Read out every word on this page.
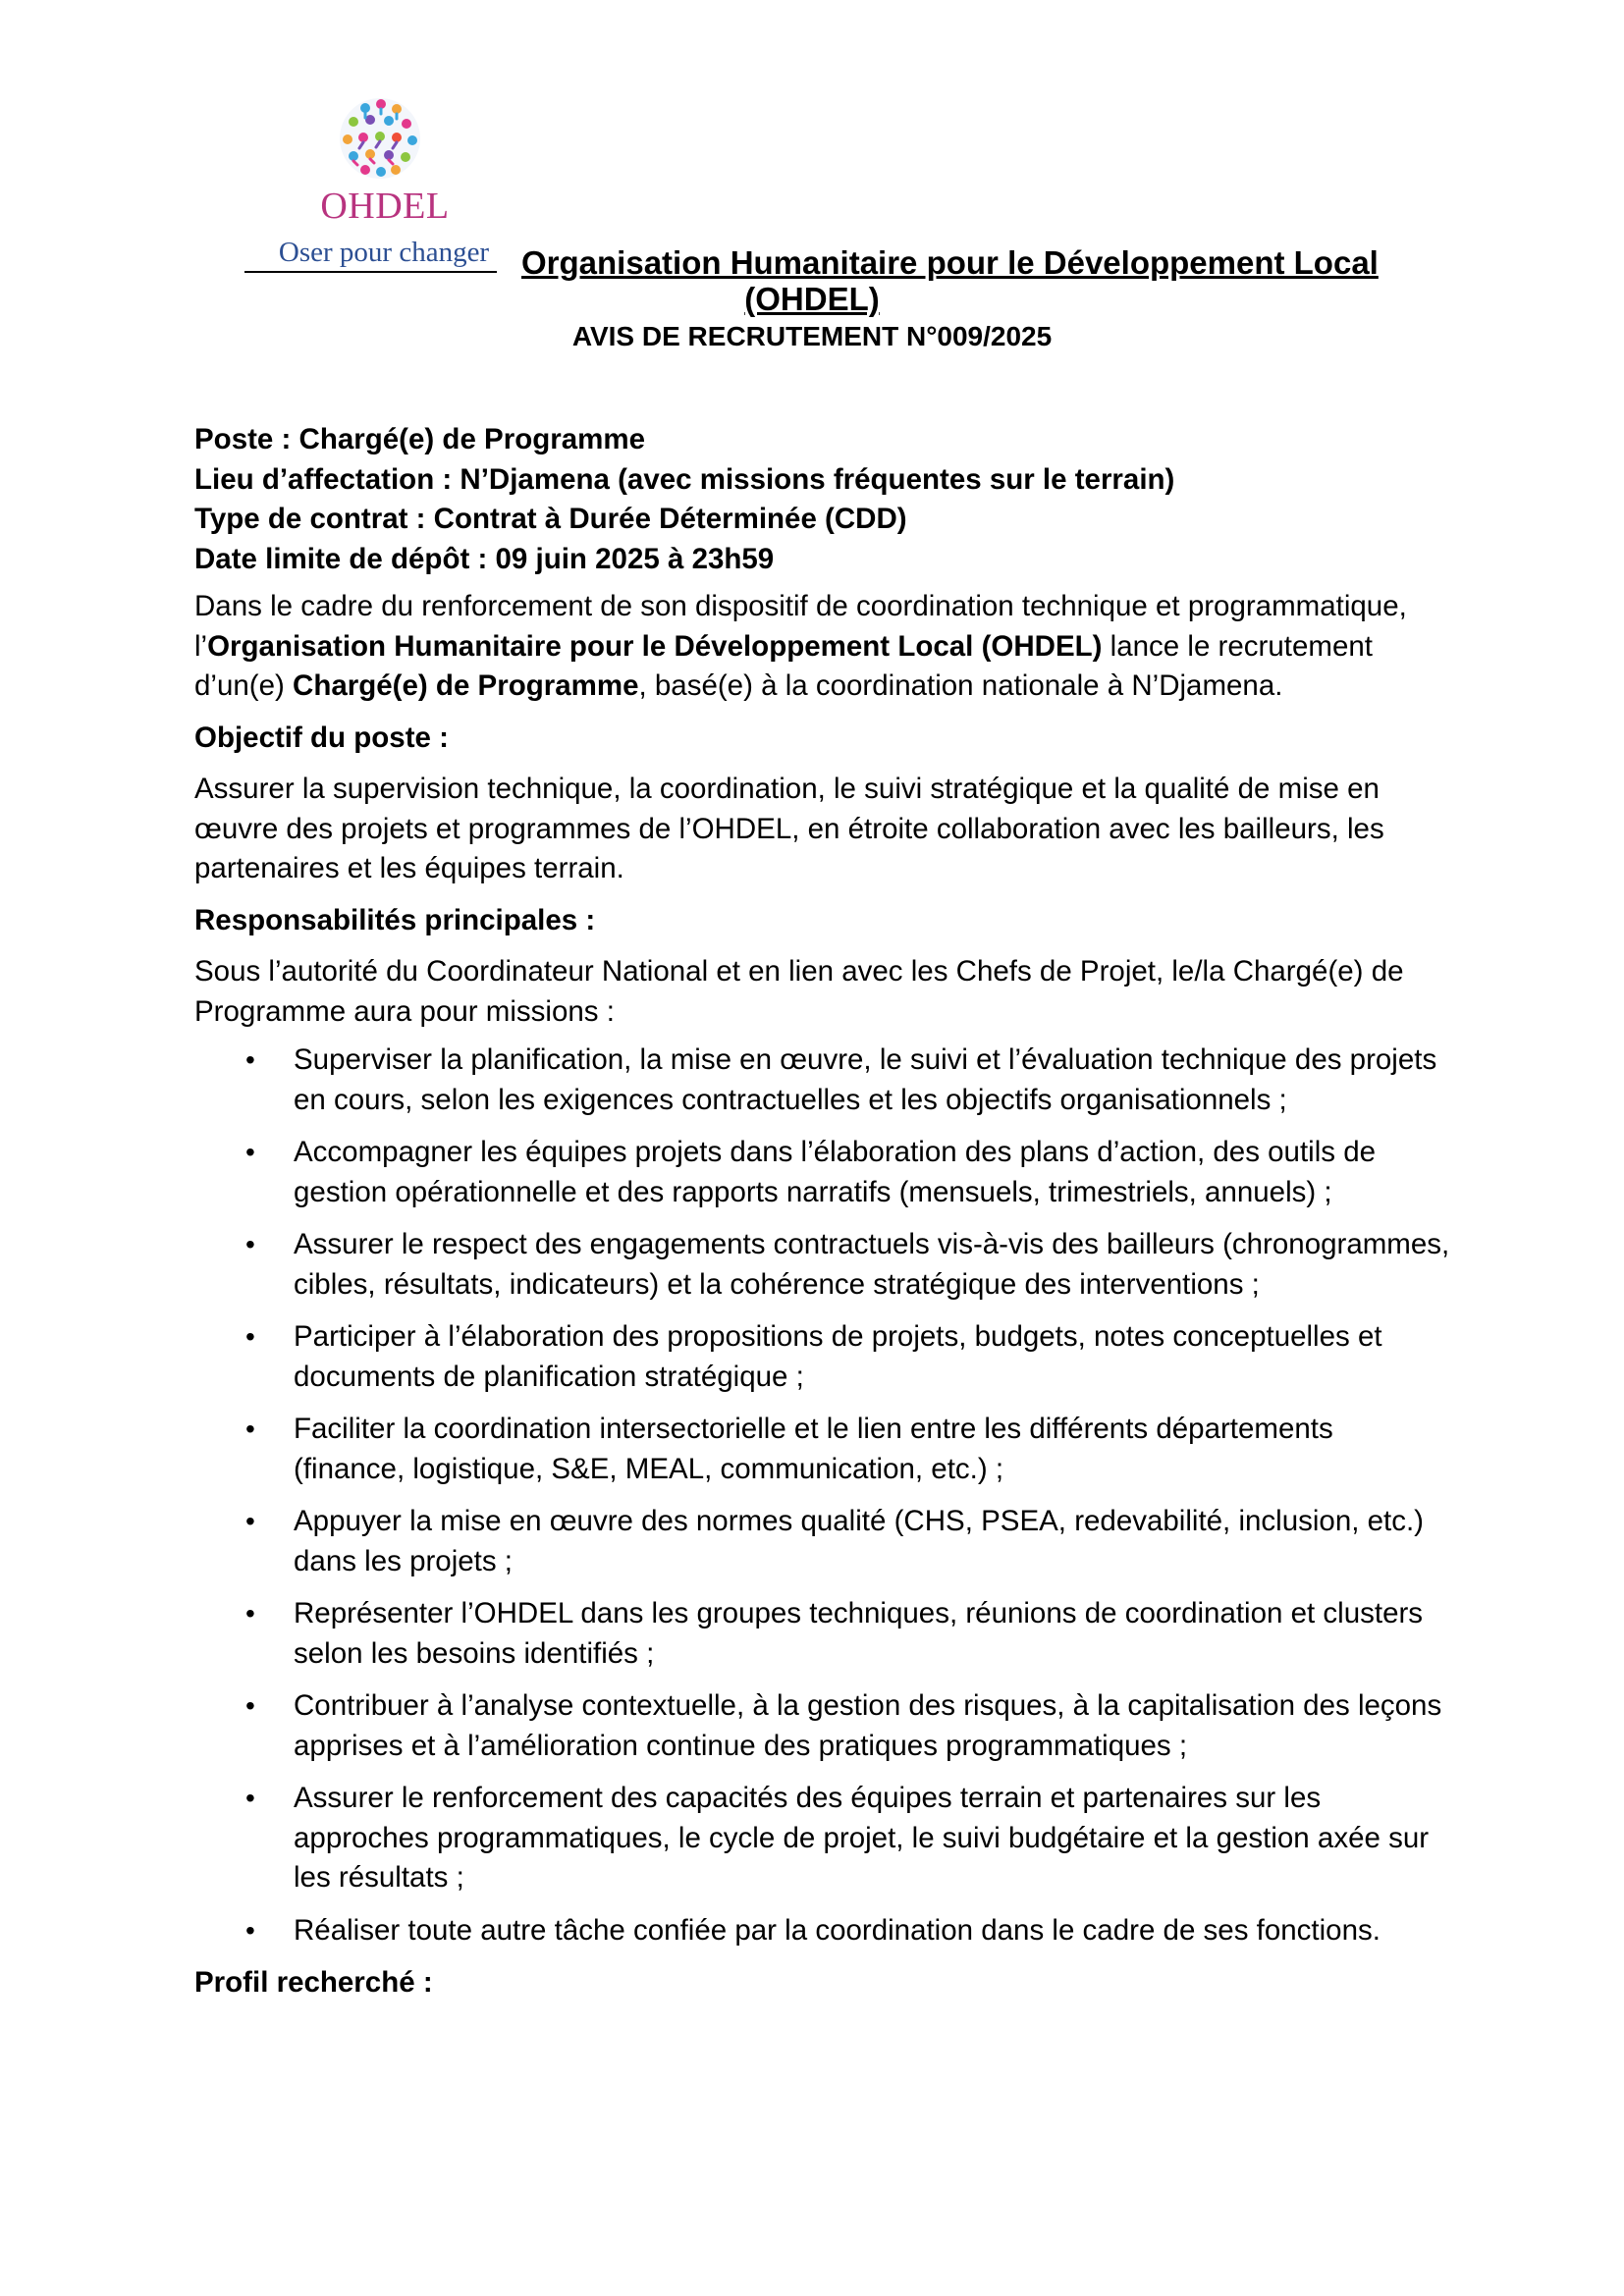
OHDEL
Oser pour changer Organisation Humanitaire pour le Développement Local
(OHDEL)
AVIS DE RECRUTEMENT N°009/2025

Poste : Chargé(e) de Programme

Lieu d’affectation : N’Djamena (avec missions fréquentes sur le terrain)

Type de contrat : Contrat à Durée Déterminée (CDD)

Date limite de dépôt : 09 juin 2025 à 23h59

Dans le cadre du renforcement de son dispositif de coordination technique et programmatique, l’Organisation Humanitaire pour le Développement Local (OHDEL) lance le recrutement d’un(e) Chargé(e) de Programme, basé(e) à la coordination nationale à N’Djamena.

Objectif du poste :

Assurer la supervision technique, la coordination, le suivi stratégique et la qualité de mise en œuvre des projets et programmes de l’OHDEL, en étroite collaboration avec les bailleurs, les partenaires et les équipes terrain.

Responsabilités principales :

Sous l’autorité du Coordinateur National et en lien avec les Chefs de Projet, le/la Chargé(e) de Programme aura pour missions :

• Superviser la planification, la mise en œuvre, le suivi et l’évaluation technique des projets en cours, selon les exigences contractuelles et les objectifs organisationnels ;
• Accompagner les équipes projets dans l’élaboration des plans d’action, des outils de gestion opérationnelle et des rapports narratifs (mensuels, trimestriels, annuels) ;
• Assurer le respect des engagements contractuels vis-à-vis des bailleurs (chronogrammes, cibles, résultats, indicateurs) et la cohérence stratégique des interventions ;
• Participer à l’élaboration des propositions de projets, budgets, notes conceptuelles et documents de planification stratégique ;
• Faciliter la coordination intersectorielle et le lien entre les différents départements (finance, logistique, S&E, MEAL, communication, etc.) ;
• Appuyer la mise en œuvre des normes qualité (CHS, PSEA, redevabilité, inclusion, etc.) dans les projets ;
• Représenter l’OHDEL dans les groupes techniques, réunions de coordination et clusters selon les besoins identifiés ;
• Contribuer à l’analyse contextuelle, à la gestion des risques, à la capitalisation des leçons apprises et à l’amélioration continue des pratiques programmatiques ;
• Assurer le renforcement des capacités des équipes terrain et partenaires sur les approches programmatiques, le cycle de projet, le suivi budgétaire et la gestion axée sur les résultats ;
• Réaliser toute autre tâche confiée par la coordination dans le cadre de ses fonctions.

Profil recherché :
